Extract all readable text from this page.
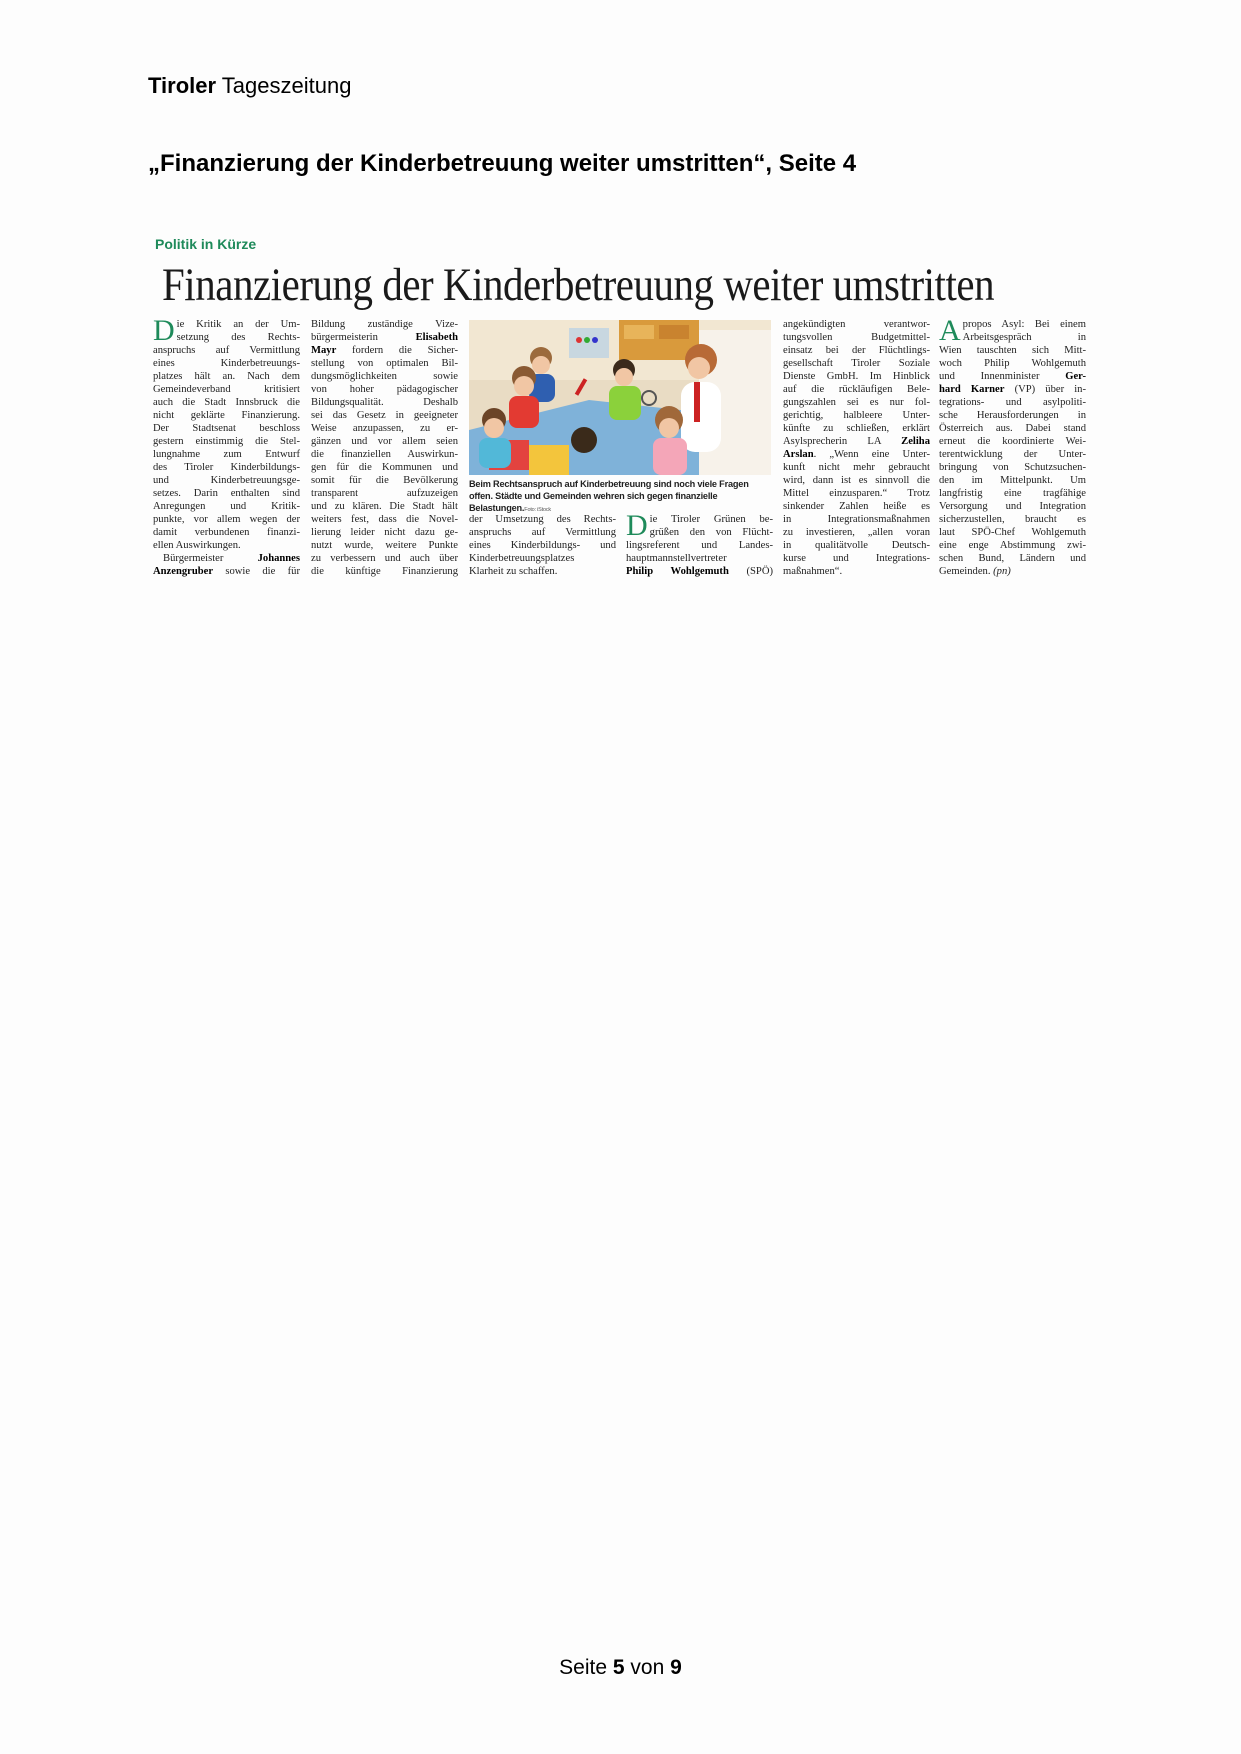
Tiroler Tageszeitung
„Finanzierung der Kinderbetreuung weiter umstritten“, Seite 4
Politik in Kürze
Finanzierung der Kinderbetreuung weiter umstritten
D ie Kritik an der Um-
setzung des Rechts-
anspruchs auf Vermittlung
eines Kinderbetreuungs-
platzes hält an. Nach dem
Gemeindeverband kritisiert
auch die Stadt Innsbruck die
nicht geklärte Finanzierung.
Der Stadtsenat beschloss
gestern einstimmig die Stel-
lungnahme zum Entwurf
des Tiroler Kinderbildungs-
und Kinderbetreuungsge-
setzes. Darin enthalten sind
Anregungen und Kritik-
punkte, vor allem wegen der
damit verbundenen finanzi-
ellen Auswirkungen.
Bürgermeister Johannes
Anzengruber sowie die für
Bildung zuständige Vize-
bürgermeisterin Elisabeth
Mayr fordern die Sicher-
stellung von optimalen Bil-
dungsmöglichkeiten sowie
von hoher pädagogischer
Bildungsqualität. Deshalb
sei das Gesetz in geeigneter
Weise anzupassen, zu er-
gänzen und vor allem seien
die finanziellen Auswirkun-
gen für die Kommunen und
somit für die Bevölkerung
transparent aufzuzeigen
und zu klären. Die Stadt hält
weiters fest, dass die Novel-
lierung leider nicht dazu ge-
nutzt wurde, weitere Punkte
zu verbessern und auch über
die künftige Finanzierung
der Umsetzung des Rechts-
anspruchs auf Vermittlung
eines Kinderbildungs- und
Kinderbetreuungsplatzes
Klarheit zu schaffen.
D ie Tiroler Grünen be-
grüßen den von Flücht-
lingsreferent und Landes-
hauptmannstellvertreter
Philip Wohlgemuth (SPÖ)
angekündigten verantwor-
tungsvollen Budgetmittel-
einsatz bei der Flüchtlings-
gesellschaft Tiroler Soziale
Dienste GmbH. Im Hinblick
auf die rückläufigen Bele-
gungszahlen sei es nur fol-
gerichtig, halbleere Unter-
künfte zu schließen, erklärt
Asylsprecherin LA Zeliha
Arslan. „Wenn eine Unter-
kunft nicht mehr gebraucht
wird, dann ist es sinnvoll die
Mittel einzusparen.“ Trotz
sinkender Zahlen heiße es
in Integrationsmaßnahmen
zu investieren, „allen voran
in qualitätvolle Deutsch-
kurse und Integrations-
maßnahmen“.
A propos Asyl: Bei einem
Arbeitsgespräch in
Wien tauschten sich Mitt-
woch Philip Wohlgemuth
und Innenminister Ger-
hard Karner (VP) über in-
tegrations- und asylpoliti-
sche Herausforderungen in
Österreich aus. Dabei stand
erneut die koordinierte Wei-
terentwicklung der Unter-
bringung von Schutzsuchen-
den im Mittelpunkt. Um
langfristig eine tragfähige
Versorgung und Integration
sicherzustellen, braucht es
laut SPÖ-Chef Wohlgemuth
eine enge Abstimmung zwi-
schen Bund, Ländern und
Gemeinden. (pn)
Beim Rechtsanspruch auf Kinderbetreuung sind noch viele Fragen offen. Städte und Gemeinden wehren sich gegen finanzielle Belastungen.Foto: iStock
Seite 5 von 9
